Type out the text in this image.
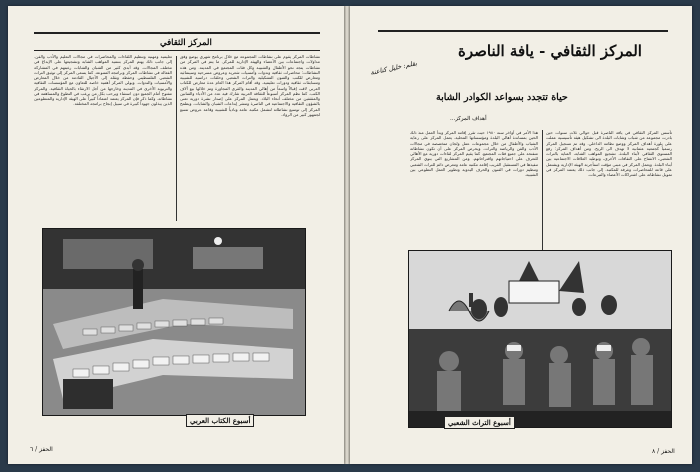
المركز الثقافي
نشاطات المركز يقوم على نشاطات المجموعة مع خلال برنامج شهري يوضع وفق مداولات واجتماعات بين الأعضاء والهيئة الإدارية للمركز. ما يتم في المركز من نشاطات يتجه نحو الأطفال والشبيبة وكل فئات المجتمع في المدينة. ومن هذه النشاطات: محاضرات ثقافية وندوات وأمسيات شعرية وعروض مسرحية وسينمائية ومعارض للكتب والفنون التشكيلية والتراث الشعبي وحلقات دراسية للشبيبة ومسابقات ثقافية ودورات تعليمية. وقد أقام المركز هذا العام عدة معارض للكتاب العربي لاقت إقبالاً واسعاً من أهالي المدينة والقرى المجاورة وتم خلالها بيع آلاف الكتب. كما نظم المركز أسبوعاً للثقافة العربية شارك فيه عدد من الأدباء والفنانين والمثقفين من مختلف أنحاء البلاد. ويعمل المركز على إصدار نشرة دورية تعنى بالشؤون الثقافية والاجتماعية في الناصرة وتنشر إبداعات الشبان والشابات. ويطمح المركز إلى توسيع نشاطاته لتشمل مكتبة عامة ونادياً للشبيبة وقاعة عروض تتسع لجمهور كبير من الرواد.
تعليمية ومهنية وتنظيم اللقاءات والمحاضرات في مجالات التعليم والأدب والفن. إلى جانب ذلك يهتم المركز بتنمية المواهب الشابة وتشجيعها على الإبداع في مختلف المجالات. وقد أبدى كثير من الشبان والشابات رغبتهم في المشاركة الفعالة في نشاطات المركز وبرامجه المتنوعة. كما يسعى المركز إلى توثيق التراث الشعبي الفلسطيني وحفظه ونقله إلى الأجيال القادمة من خلال المعارض والأمسيات والندوات. ويولي المركز أهمية خاصة للتعاون مع المؤسسات الثقافية والتربوية الأخرى في المدينة وخارجها من أجل الارتقاء بالحياة الثقافية. والمركز مفتوح أمام الجميع دون استثناء ويرحب بكل من يرغب في التطوع والمساهمة في نشاطاته. وكما ذكر فإن المركز يعتمد اعتماداً كبيراً على الهيئة الإدارية والمتطوعين الذين يبذلون جهوداً كبيرة في سبيل إنجاح برامجه المختلفة.
أسبوع الكتاب العربي
الحفز / ٦
المركز الثقافي - يافة الناصرة
بقلم: خليل كناعنة
حياة تتجدد بسواعد الكوادر الشابة
أهداف المركز...
تأسس المركز الثقافي في يافة الناصرة قبل حوالي ثلاث سنوات حين بادرت مجموعة من شباب وشابات البلدة الى تشكيل هيئة تأسيسية عملت على بلورة أهداف المركز ووضع نظامه الداخلي. وقد تم تسجيل المركز رسمياً كجمعية عثمانية لا تهدف الى الربح. ومن أهداف المركز: رفع المستوى الثقافي لأبناء البلدة، تشجيع المواهب الشابة، العناية بالتراث الشعبي، الانفتاح على الثقافات الأخرى، وتوطيد العلاقات الاجتماعية بين أبناء البلدة. ويعمل المركز في مبنى مؤقت استأجرته الهيئة الإدارية ويشتمل على قاعة للمحاضرات وغرفة للمكتبة. إلى جانب ذلك يعتمد المركز في تمويل نشاطاته على اشتراكات الأعضاء والتبرعات.
هذا الأمر في أواخر سنة ١٩٨٠ حيث تقرر إقامة المركز وبدأ العمل منذ ذلك الحين بمساندة أهالي البلدة ومؤسساتها المحلية. يعمل المركز على رعاية الشباب والأطفال من خلال مجموعات عمل ولجان متخصصة في مجالات الأدب والفن والرياضة والتراث. ويحرص المركز على أن تكون نشاطاته منفتحة على جميع فئات المجتمع. كما يقيم المركز لقاءات دورية مع الأهالي للتعرف على احتياجاتهم واقتراحاتهم. ومن المشاريع التي ينوي المركز تنفيذها في المستقبل القريب إقامة مكتبة عامة ومعرض دائم للتراث الشعبي وتنظيم دورات في الفنون والحرف اليدوية وتطوير العمل التطوعي بين الشبيبة.
أسبوع التراث الشعبي
الحفز / ٨
